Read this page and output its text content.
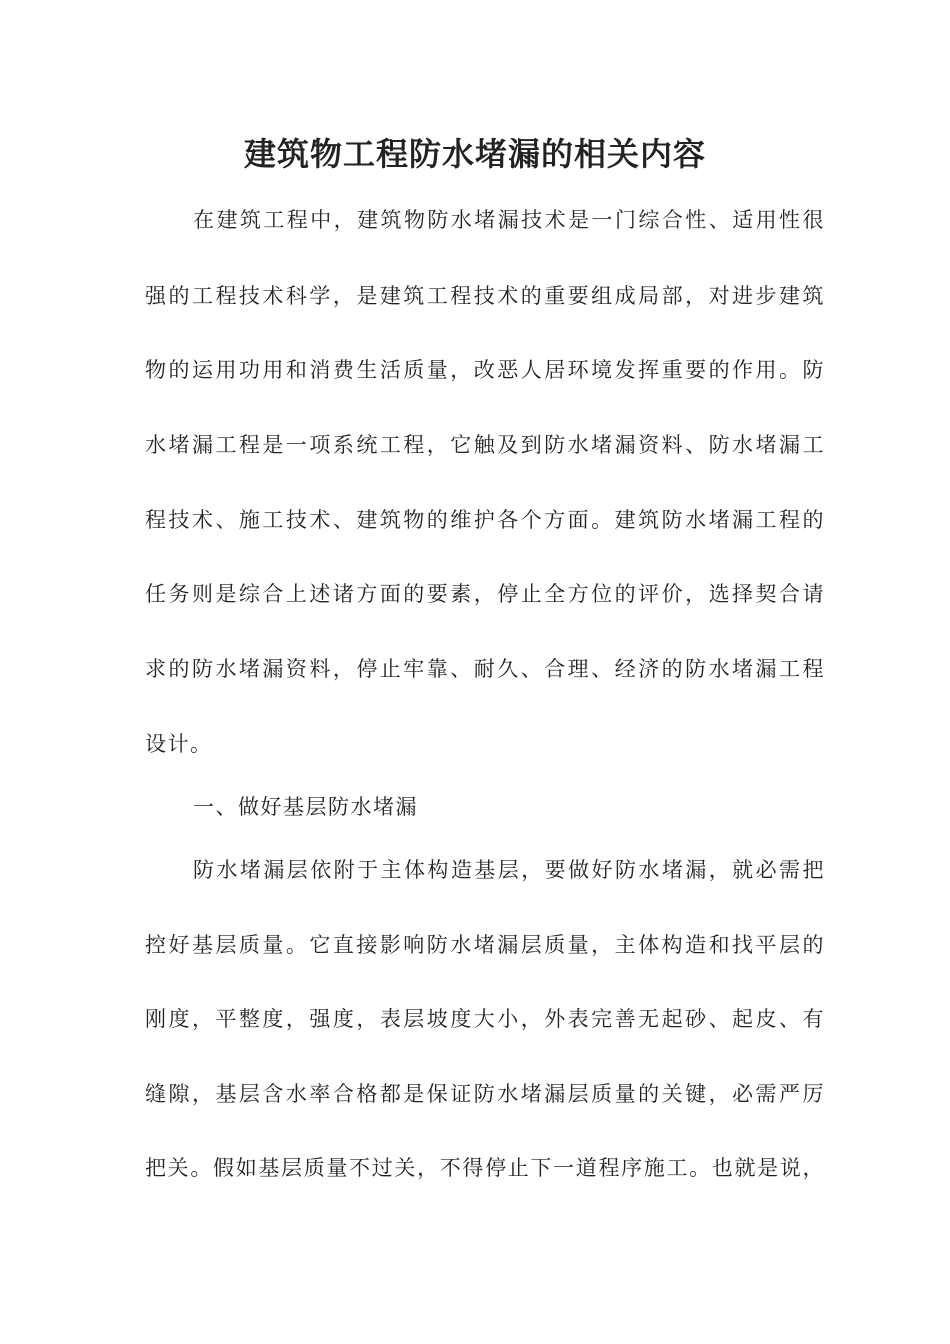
建筑物工程防水堵漏的相关内容
在建筑工程中，建筑物防水堵漏技术是一门综合性、适用性很
强的工程技术科学，是建筑工程技术的重要组成局部，对进步建筑
物的运用功用和消费生活质量，改恶人居环境发挥重要的作用。防
水堵漏工程是一项系统工程，它触及到防水堵漏资料、防水堵漏工
程技术、施工技术、建筑物的维护各个方面。建筑防水堵漏工程的
任务则是综合上述诸方面的要素，停止全方位的评价，选择契合请
求的防水堵漏资料，停止牢靠、耐久、合理、经济的防水堵漏工程
设计。
一、做好基层防水堵漏
防水堵漏层依附于主体构造基层，要做好防水堵漏，就必需把
控好基层质量。它直接影响防水堵漏层质量，主体构造和找平层的
刚度，平整度，强度，表层坡度大小，外表完善无起砂、起皮、有
缝隙，基层含水率合格都是保证防水堵漏层质量的关键，必需严厉
把关。假如基层质量不过关，不得停止下一道程序施工。也就是说，
